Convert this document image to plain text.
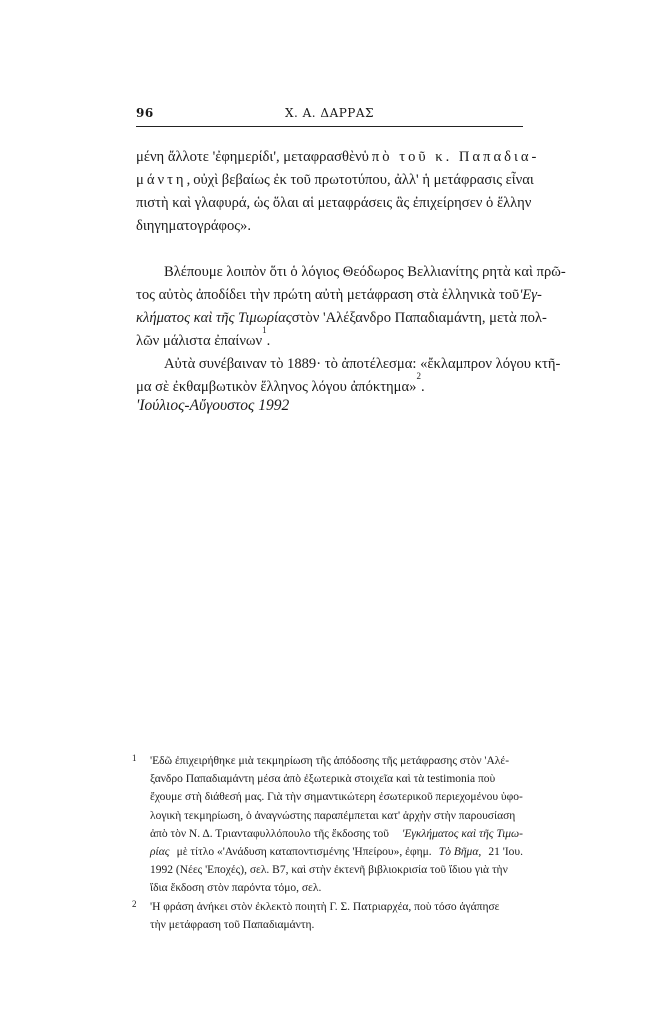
96	Χ. Α. ΔΑΡΡΑΣ
μένη ἄλλοτε 'ἐφημερίδι', μεταφρασθὲν ὑπὸ τοῦ κ. Παπαδια-
μάντη, οὐχὶ βεβαίως ἐκ τοῦ πρωτοτύπου, ἀλλ' ἡ μετάφρασις εἶναι
πιστὴ καὶ γλαφυρά, ὡς ὅλαι αἱ μεταφράσεις ἃς ἐπιχείρησεν ὁ ἕλλην
διηγηματογράφος».
Βλέπουμε λοιπὸν ὅτι ὁ λόγιος Θεόδωρος Βελλιανίτης ρητὰ καὶ πρῶ-
τος αὐτὸς ἀποδίδει τὴν πρώτη αὐτὴ μετάφραση στὰ ἑλληνικὰ τοῦ 'Εγ-
κλήματος καὶ τῆς Τιμωρίας στὸν 'Αλέξανδρο Παπαδιαμάντη, μετὰ πολ-
λῶν μάλιστα ἐπαίνων
1
.
Αὐτὰ συνέβαιναν τὸ 1889· τὸ ἀποτέλεσμα: «ἔκλαμπρον λόγου κτῆ-
μα σὲ ἐκθαμβωτικὸν ἕλληνος λόγου ἀπόκτημα»
2
.
'Ιούλιος-Αὔγουστος 1992
1 'Εδῶ ἐπιχειρήθηκε μιὰ τεκμηρίωση τῆς ἀπόδοσης τῆς μετάφρασης στὸν 'Αλέ-
ξανδρο Παπαδιαμάντη μέσα ἀπὸ ἐξωτερικὰ στοιχεῖα καὶ τὰ testimonia ποὺ
ἔχουμε στὴ διάθεσή μας. Γιὰ τὴν σημαντικώτερη ἐσωτερικοῦ περιεχομένου ὑφο-
λογικὴ τεκμηρίωση, ὁ ἀναγνώστης παραπέμπεται κατ' ἀρχὴν στὴν παρουσίαση
ἀπὸ τὸν Ν. Δ. Τριανταφυλλόπουλο τῆς ἔκδοσης τοῦ 'Εγκλήματος καὶ τῆς Τιμω-
ρίας μὲ τίτλο «'Ανάδυση καταποντισμένης 'Ηπείρου», ἐφημ. Τὸ Βῆμα, 21 'Ιου.
1992 (Νέες 'Εποχές), σελ. Β7, καὶ στὴν ἐκτενῆ βιβλιοκρισία τοῦ ἴδιου γιὰ τὴν
ἴδια ἔκδοση στὸν παρόντα τόμο, σελ.
2 'Η φράση ἀνήκει στὸν ἐκλεκτὸ ποιητὴ Γ. Σ. Πατριαρχέα, ποὺ τόσο ἀγάπησε
τὴν μετάφραση τοῦ Παπαδιαμάντη.
